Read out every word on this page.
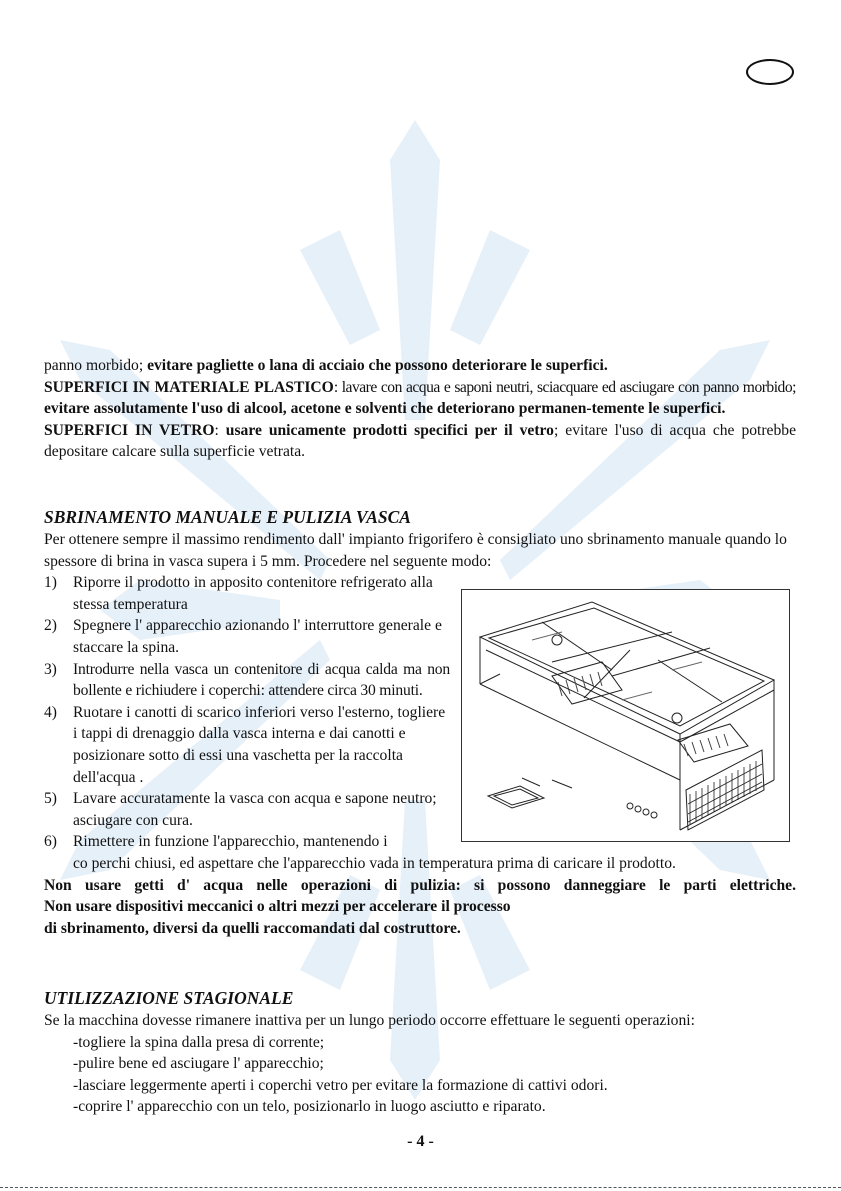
panno morbido; evitare pagliette o lana di acciaio che possono deteriorare le superfici.

SUPERFICI IN MATERIALE PLASTICO: lavare con acqua e saponi neutri, sciacquare ed asciugare con panno morbido; evitare assolutamente l'uso di alcool, acetone e solventi che deteriorano permanen-temente le superfici.

SUPERFICI IN VETRO: usare unicamente prodotti specifici per il vetro; evitare l'uso di acqua che potrebbe depositare calcare sulla superficie vetrata.

SBRINAMENTO MANUALE E PULIZIA VASCA

Per ottenere sempre il massimo rendimento dall' impianto frigorifero è consigliato uno sbrinamento manuale quando lo spessore di brina in vasca supera i 5 mm. Procedere nel seguente modo:

1) Riporre il prodotto in apposito contenitore refrigerato alla stessa temperatura
2) Spegnere l' apparecchio azionando l' interruttore generale e staccare la spina.
3) Introdurre nella vasca un contenitore di acqua calda ma non bollente e richiudere i coperchi: attendere circa 30 minuti.
4) Ruotare i canotti di scarico inferiori verso l'esterno, togliere i tappi di drenaggio dalla vasca interna e dai canotti e posizionare sotto di essi una vaschetta per la raccolta dell'acqua .
5) Lavare accuratamente la vasca con acqua e sapone neutro; asciugare con cura.
6) Rimettere in funzione l'apparecchio, mantenendo i

co perchi chiusi, ed aspettare che l'apparecchio vada in temperatura prima di caricare il prodotto.

Non usare getti d' acqua nelle operazioni di pulizia: si possono danneggiare le parti elettriche.

Non usare dispositivi meccanici o altri mezzi per accelerare il processo

di sbrinamento, diversi da quelli raccomandati dal costruttore.

UTILIZZAZIONE STAGIONALE

Se la macchina dovesse rimanere inattiva per un lungo periodo occorre effettuare le seguenti operazioni:

-togliere la spina dalla presa di corrente;

-pulire bene ed asciugare l' apparecchio;

-lasciare leggermente aperti i coperchi vetro per evitare la formazione di cattivi odori.

-coprire l' apparecchio con un telo, posizionarlo in luogo asciutto e riparato.

- 4 -
